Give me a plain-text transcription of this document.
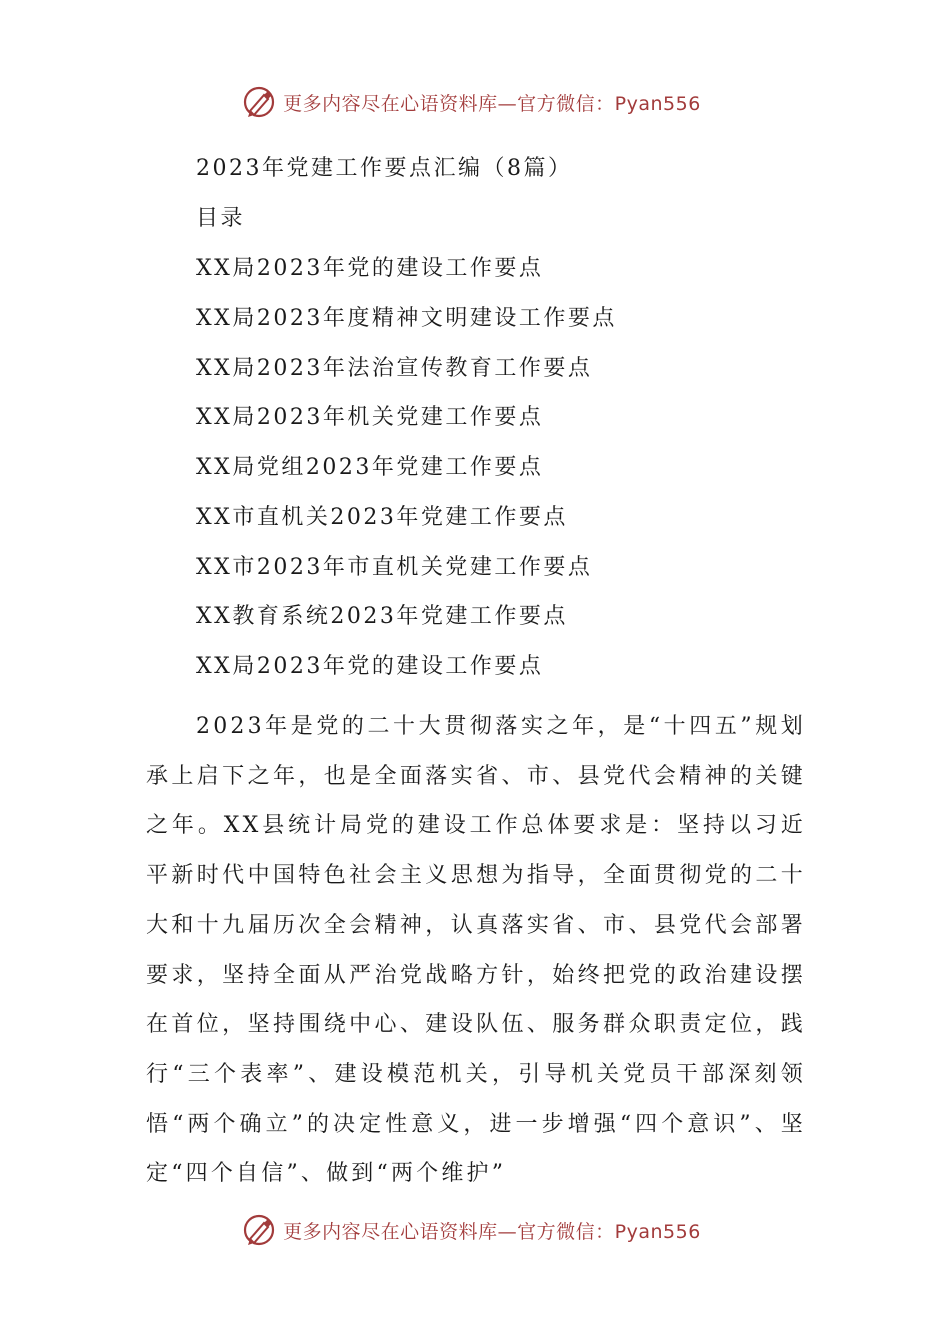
更多内容尽在心语资料库—官方微信：Pyan556
2023年党建工作要点汇编（8篇）
目录
XX局2023年党的建设工作要点
XX局2023年度精神文明建设工作要点
XX局2023年法治宣传教育工作要点
XX局2023年机关党建工作要点
XX局党组2023年党建工作要点
XX市直机关2023年党建工作要点
XX市2023年市直机关党建工作要点
XX教育系统2023年党建工作要点
XX局2023年党的建设工作要点
2023年是党的二十大贯彻落实之年，是“十四五”规划承上启下之年，也是全面落实省、市、县党代会精神的关键之年。XX县统计局党的建设工作总体要求是：坚持以习近平新时代中国特色社会主义思想为指导，全面贯彻党的二十大和十九届历次全会精神，认真落实省、市、县党代会部署要求，坚持全面从严治党战略方针，始终把党的政治建设摆在首位，坚持围绕中心、建设队伍、服务群众职责定位，践行“三个表率”、建设模范机关，引导机关党员干部深刻领悟“两个确立”的决定性意义，进一步增强“四个意识”、坚定“四个自信”、做到“两个维护”
更多内容尽在心语资料库—官方微信：Pyan556
